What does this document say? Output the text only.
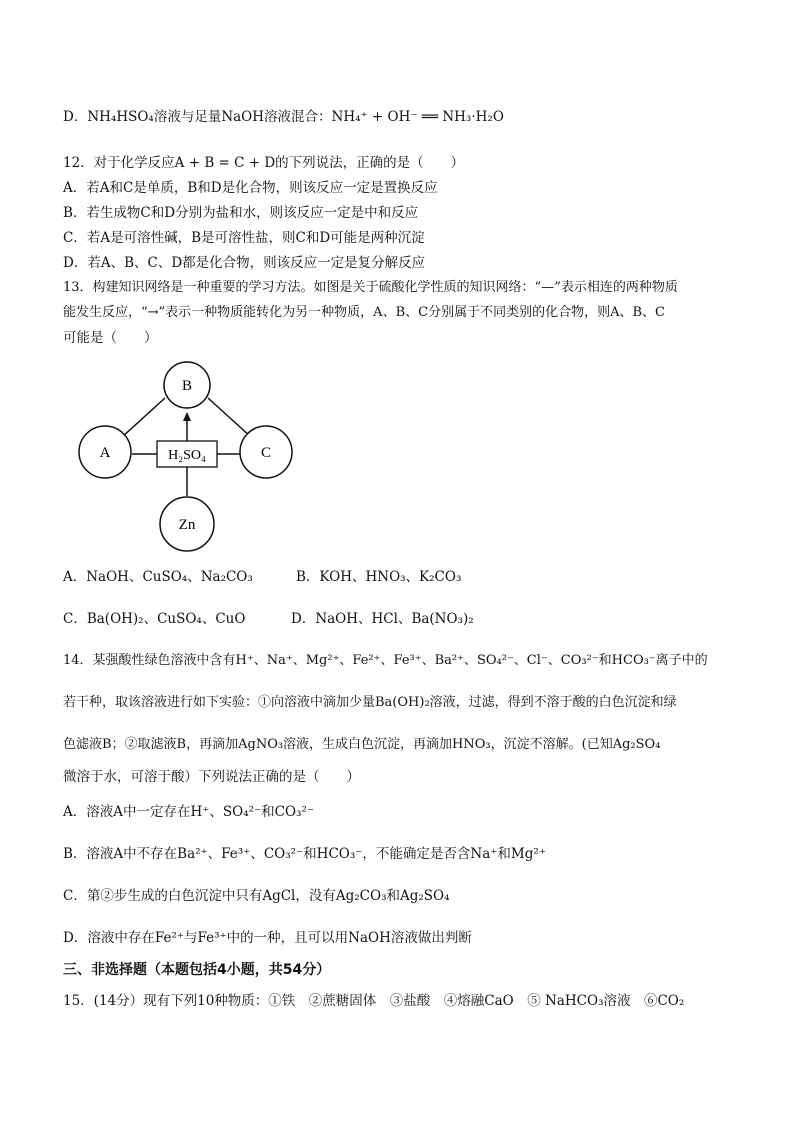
D．NH₄HSO₄溶液与足量NaOH溶液混合：NH₄⁺ + OH⁻ ══ NH₃·H₂O
12．对于化学反应A + B = C + D的下列说法，正确的是（　　）
A．若A和C是单质，B和D是化合物，则该反应一定是置换反应
B．若生成物C和D分别为盐和水，则该反应一定是中和反应
C．若A是可溶性碱，B是可溶性盐，则C和D可能是两种沉淀
D．若A、B、C、D都是化合物，则该反应一定是复分解反应
13．构建知识网络是一种重要的学习方法。如图是关于硫酸化学性质的知识网络：“—”表示相连的两种物质
能发生反应，“→”表示一种物质能转化为另一种物质，A、B、C分别属于不同类别的化合物，则A、B、C
可能是（　　）
B
A	C
H₂SO₄
Zn
A．NaOH、CuSO₄、Na₂CO₃	B．KOH、HNO₃、K₂CO₃
C．Ba(OH)₂、CuSO₄、CuO	D．NaOH、HCl、Ba(NO₃)₂
14．某强酸性绿色溶液中含有H⁺、Na⁺、Mg²⁺、Fe²⁺、Fe³⁺、Ba²⁺、SO₄²⁻、Cl⁻、CO₃²⁻和HCO₃⁻离子中的
若干种，取该溶液进行如下实验：①向溶液中滴加少量Ba(OH)₂溶液，过滤，得到不溶于酸的白色沉淀和绿
色滤液B；②取滤液B，再滴加AgNO₃溶液，生成白色沉淀，再滴加HNO₃，沉淀不溶解。(已知Ag₂SO₄
微溶于水，可溶于酸）下列说法正确的是（　　）
A．溶液A中一定存在H⁺、SO₄²⁻和CO₃²⁻
B．溶液A中不存在Ba²⁺、Fe³⁺、CO₃²⁻和HCO₃⁻，不能确定是否含Na⁺和Mg²⁺
C．第②步生成的白色沉淀中只有AgCl，没有Ag₂CO₃和Ag₂SO₄
D．溶液中存在Fe²⁺与Fe³⁺中的一种，且可以用NaOH溶液做出判断
三、非选择题（本题包括4小题，共54分）
15．(14分）现有下列10种物质：①铁　②蔗糖固体　③盐酸　④熔融CaO　⑤ NaHCO₃溶液　⑥CO₂
